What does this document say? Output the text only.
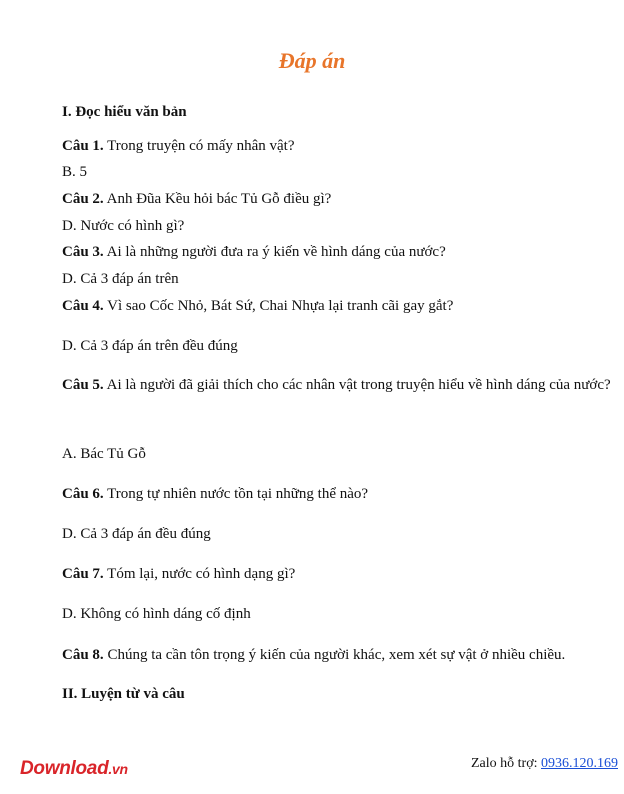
Đáp án
I. Đọc hiểu văn bản
Câu 1. Trong truyện có mấy nhân vật?
B. 5
Câu 2. Anh Đũa Kều hỏi bác Tủ Gỗ điều gì?
D. Nước có hình gì?
Câu 3. Ai là những người đưa ra ý kiến về hình dáng của nước?
D. Cả 3 đáp án trên
Câu 4. Vì sao Cốc Nhỏ, Bát Sứ, Chai Nhựa lại tranh cãi gay gắt?
D. Cả 3 đáp án trên đều đúng
Câu 5. Ai là người đã giải thích cho các nhân vật trong truyện hiểu về hình dáng của nước?
A. Bác Tủ Gỗ
Câu 6. Trong tự nhiên nước tồn tại những thể nào?
D. Cả 3 đáp án đều đúng
Câu 7. Tóm lại, nước có hình dạng gì?
D. Không có hình dáng cố định
Câu 8. Chúng ta cần tôn trọng ý kiến của người khác, xem xét sự vật ở nhiều chiều.
II. Luyện từ và câu
Download.vn	Zalo hỗ trợ: 0936.120.169
